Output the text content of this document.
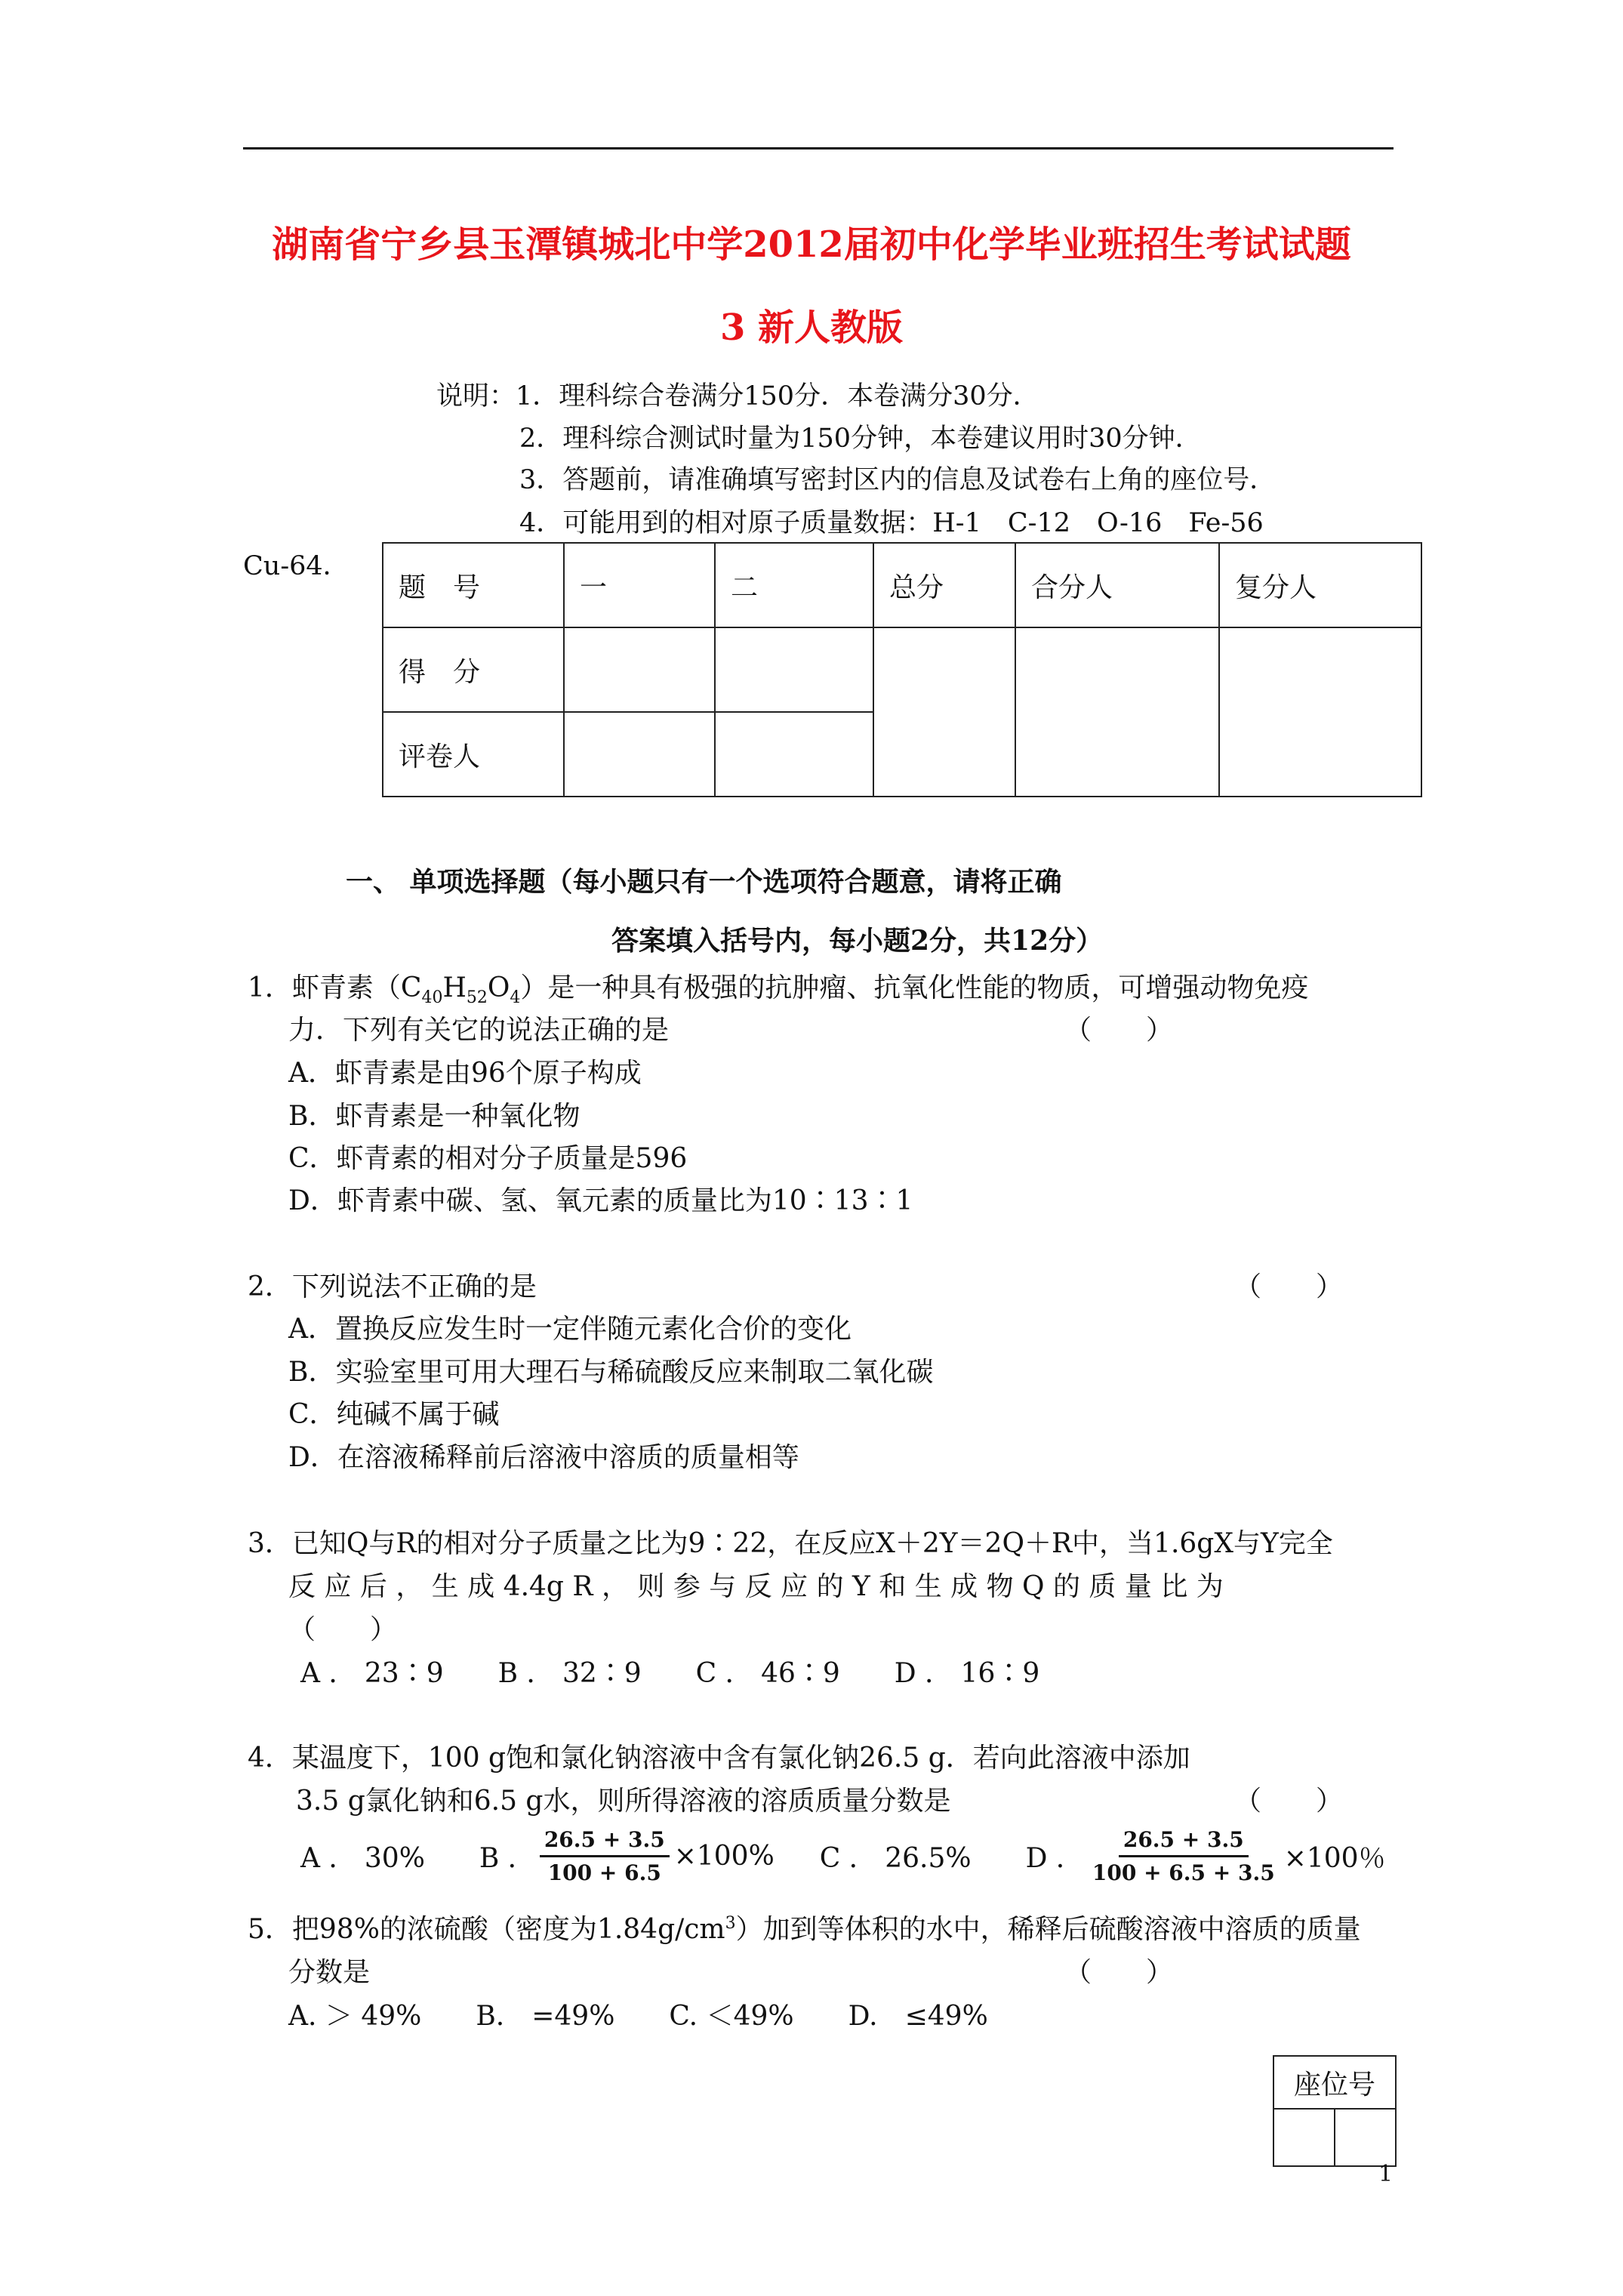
湖南省宁乡县玉潭镇城北中学2012届初中化学毕业班招生考试试题
3 新人教版
说明：1．理科综合卷满分150分．本卷满分30分．
2．理科综合测试时量为150分钟，本卷建议用时30分钟．
3．答题前，请准确填写密封区内的信息及试卷右上角的座位号．
4．可能用到的相对原子质量数据：H-1　C-12　O-16　Fe-56
Cu-64．
题　号	一	二	总分	合分人	复分人
得　分					
评卷人					
一、 单项选择题（每小题只有一个选项符合题意，请将正确
答案填入括号内，每小题2分，共12分）
1．虾青素$(C_{40}H_{52}O_4)$是一种具有极强的抗肿瘤、抗氧化性能的物质，可增强动物免疫
力．下列有关它的说法正确的是	（　　）
A．虾青素是由96个原子构成
B．虾青素是一种氧化物
C．虾青素的相对分子质量是596
D．虾青素中碳、氢、氧元素的质量比为10∶13∶1
2．下列说法不正确的是	（　　）
A．置换反应发生时一定伴随元素化合价的变化
B．实验室里可用大理石与稀硫酸反应来制取二氧化碳
C．纯碱不属于碱
D．在溶液稀释前后溶液中溶质的质量相等
3．已知Q与R的相对分子质量之比为9∶22，在反应X＋2Y＝2Q＋R中，当1.6gX与Y完全
反 应 后 ， 生 成 4.4g R ， 则 参 与 反 应 的 Y 和 生 成 物 Q 的 质 量 比 为
（　　）
A ． 23∶9　　B ． 32∶9　　C ． 46∶9　　D ． 16∶9
4．某温度下，100 g饱和氯化钠溶液中含有氯化钠26.5 g．若向此溶液中添加
3.5 g氯化钠和6.5 g水，则所得溶液的溶质质量分数是	（　　）
A ． 30%　　B ． $\frac{26.5 + 3.5}{100 + 6.5} \times 100\%$ C ． 26.5%　　D ． $\frac{26.5 + 3.5}{100 + 6.5 + 3.5} \times 100$％
5．把98%的浓硫酸（密度为$1.84g/cm^3$）加到等体积的水中，稀释后硫酸溶液中溶质的质量
分数是	（　　）
A. ＞ 49%　　B.　=49%　　C. ＜49%　　D.　≤49%
座位号

1
